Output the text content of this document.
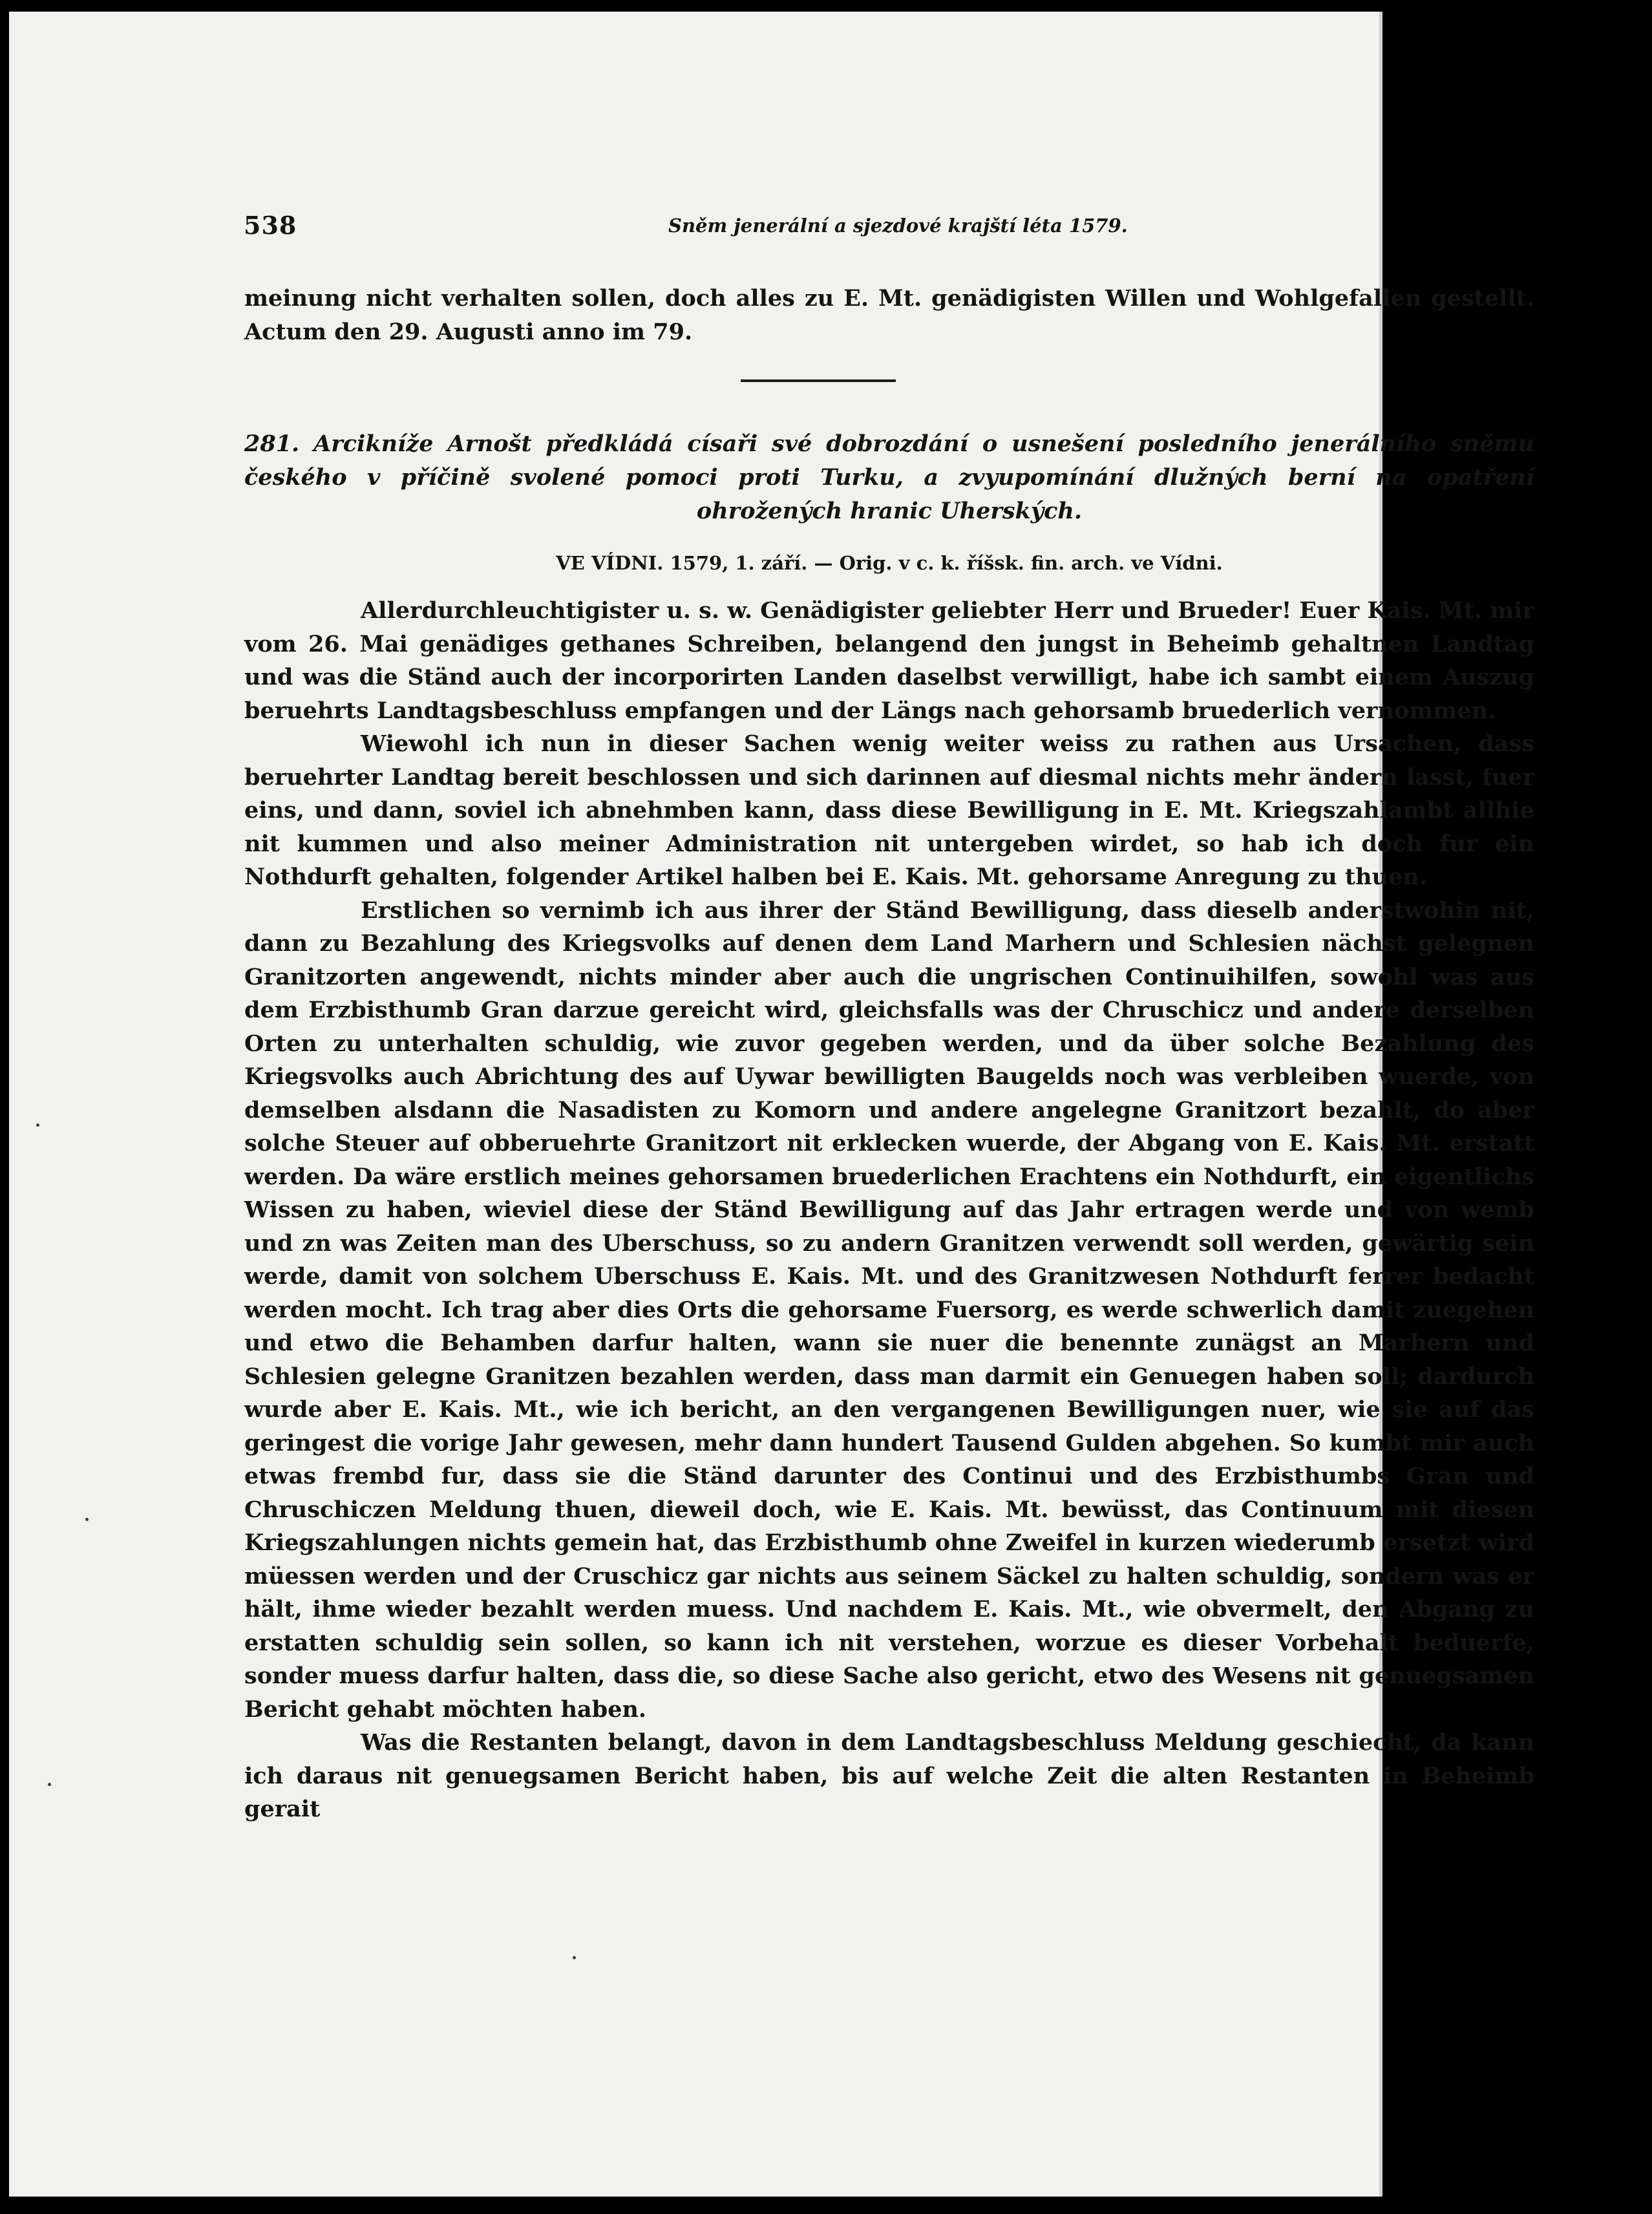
538	Sněm jenerální a sjezdové krajští léta 1579.

meinung nicht verhalten sollen, doch alles zu E. Mt. genädigisten Willen und Wohlgefallen gestellt. Actum den 29. Augusti anno im 79.

281. Arcikníže Arnošt předkládá císaři své dobrozdání o usnešení posledního jenerálního sněmu českého v příčině svolené pomoci proti Turku, a zvyupomínání dlužných berní na opatření ohrožených hranic Uherských.

VE VÍDNI. 1579, 1. září. — Orig. v c. k. říšsk. fin. arch. ve Vídni.

Allerdurchleuchtigister u. s. w. Genädigister geliebter Herr und Brueder! Euer Kais. Mt. mir vom 26. Mai genädiges gethanes Schreiben, belangend den jungst in Beheimb gehaltnen Landtag und was die Ständ auch der incorporirten Landen daselbst verwilligt, habe ich sambt einem Auszug beruehrts Landtagsbeschluss empfangen und der Längs nach gehorsamb bruederlich vernommen.

Wiewohl ich nun in dieser Sachen wenig weiter weiss zu rathen aus Ursachen, dass beruehrter Landtag bereit beschlossen und sich darinnen auf diesmal nichts mehr ändern lasst, fuer eins, und dann, soviel ich abnehmben kann, dass diese Bewilligung in E. Mt. Kriegszahlambt allhie nit kummen und also meiner Administration nit untergeben wirdet, so hab ich doch fur ein Nothdurft gehalten, folgender Artikel halben bei E. Kais. Mt. gehorsame Anregung zu thuen.

Erstlichen so vernimb ich aus ihrer der Ständ Bewilligung, dass dieselb anderstwohin nit, dann zu Bezahlung des Kriegsvolks auf denen dem Land Marhern und Schlesien nächst gelegnen Granitzorten angewendt, nichts minder aber auch die ungrischen Continuihilfen, sowohl was aus dem Erzbisthumb Gran darzue gereicht wird, gleichsfalls was der Chruschicz und andere derselben Orten zu unterhalten schuldig, wie zuvor gegeben werden, und da über solche Bezahlung des Kriegsvolks auch Abrichtung des auf Uywar bewilligten Baugelds noch was verbleiben wuerde, von demselben alsdann die Nasadisten zu Komorn und andere angelegne Granitzort bezahlt, do aber solche Steuer auf obberuehrte Granitzort nit erklecken wuerde, der Abgang von E. Kais. Mt. erstatt werden. Da wäre erstlich meines gehorsamen bruederlichen Erachtens ein Nothdurft, ein eigentlichs Wissen zu haben, wieviel diese der Ständ Bewilligung auf das Jahr ertragen werde und von wemb und zn was Zeiten man des Uberschuss, so zu andern Granitzen verwendt soll werden, gewärtig sein werde, damit von solchem Uberschuss E. Kais. Mt. und des Granitzwesen Nothdurft ferrer bedacht werden mocht. Ich trag aber dies Orts die gehorsame Fuersorg, es werde schwerlich damit zuegehen und etwo die Behamben darfur halten, wann sie nuer die benennte zunägst an Marhern und Schlesien gelegne Granitzen bezahlen werden, dass man darmit ein Genuegen haben soll; dardurch wurde aber E. Kais. Mt., wie ich bericht, an den vergangenen Bewilligungen nuer, wie sie auf das geringest die vorige Jahr gewesen, mehr dann hundert Tausend Gulden abgehen. So kumbt mir auch etwas frembd fur, dass sie die Ständ darunter des Continui und des Erzbisthumbs Gran und Chruschiczen Meldung thuen, dieweil doch, wie E. Kais. Mt. bewüsst, das Continuum mit diesen Kriegszahlungen nichts gemein hat, das Erzbisthumb ohne Zweifel in kurzen wiederumb ersetzt wird müessen werden und der Cruschicz gar nichts aus seinem Säckel zu halten schuldig, sondern was er hält, ihme wieder bezahlt werden muess. Und nachdem E. Kais. Mt., wie obvermelt, den Abgang zu erstatten schuldig sein sollen, so kann ich nit verstehen, worzue es dieser Vorbehalt beduerfe, sonder muess darfur halten, dass die, so diese Sache also gericht, etwo des Wesens nit genuegsamen Bericht gehabt möchten haben.

Was die Restanten belangt, davon in dem Landtagsbeschluss Meldung geschiecht, da kann ich daraus nit genuegsamen Bericht haben, bis auf welche Zeit die alten Restanten in Beheimb gerait
